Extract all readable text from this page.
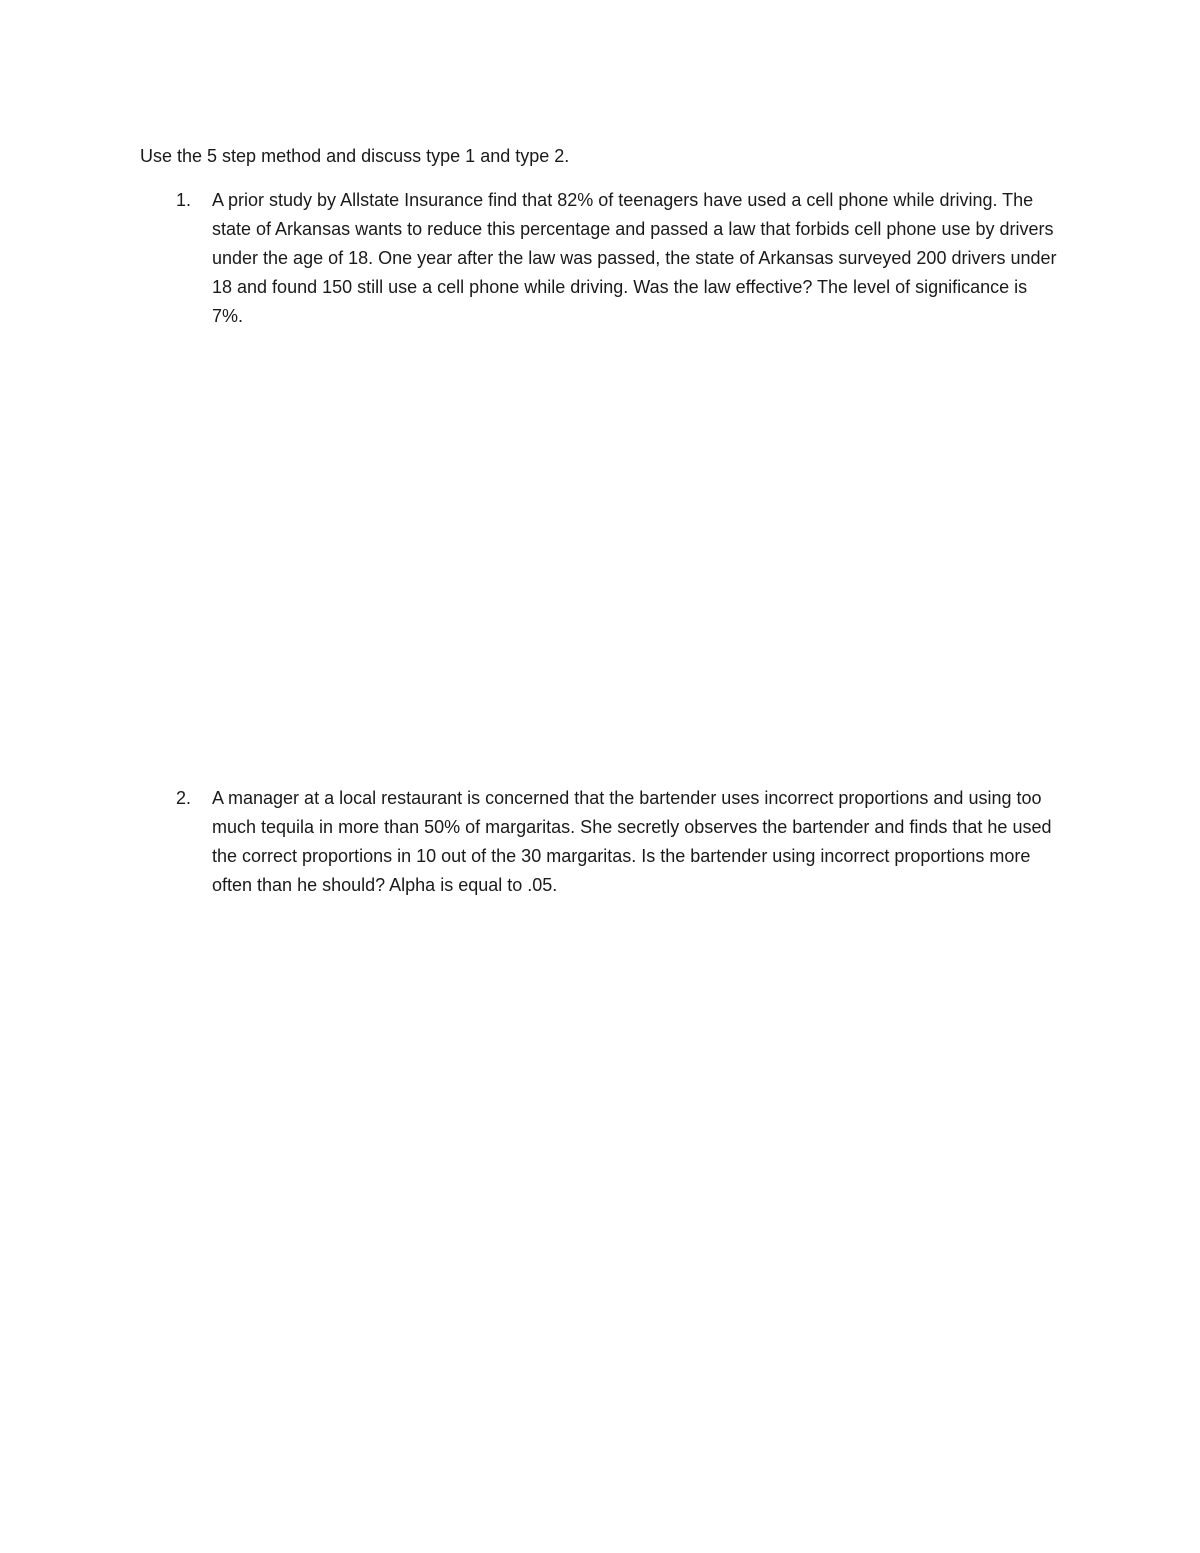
Use the 5 step method and discuss type 1 and type 2.

1.	A prior study by Allstate Insurance find that 82% of teenagers have used a cell phone while driving. The state of Arkansas wants to reduce this percentage and passed a law that forbids cell phone use by drivers under the age of 18. One year after the law was passed, the state of Arkansas surveyed 200 drivers under 18 and found 150 still use a cell phone while driving. Was the law effective? The level of significance is 7%.

2.	A manager at a local restaurant is concerned that the bartender uses incorrect proportions and using too much tequila in more than 50% of margaritas. She secretly observes the bartender and finds that he used the correct proportions in 10 out of the 30 margaritas. Is the bartender using incorrect proportions more often than he should? Alpha is equal to .05.
